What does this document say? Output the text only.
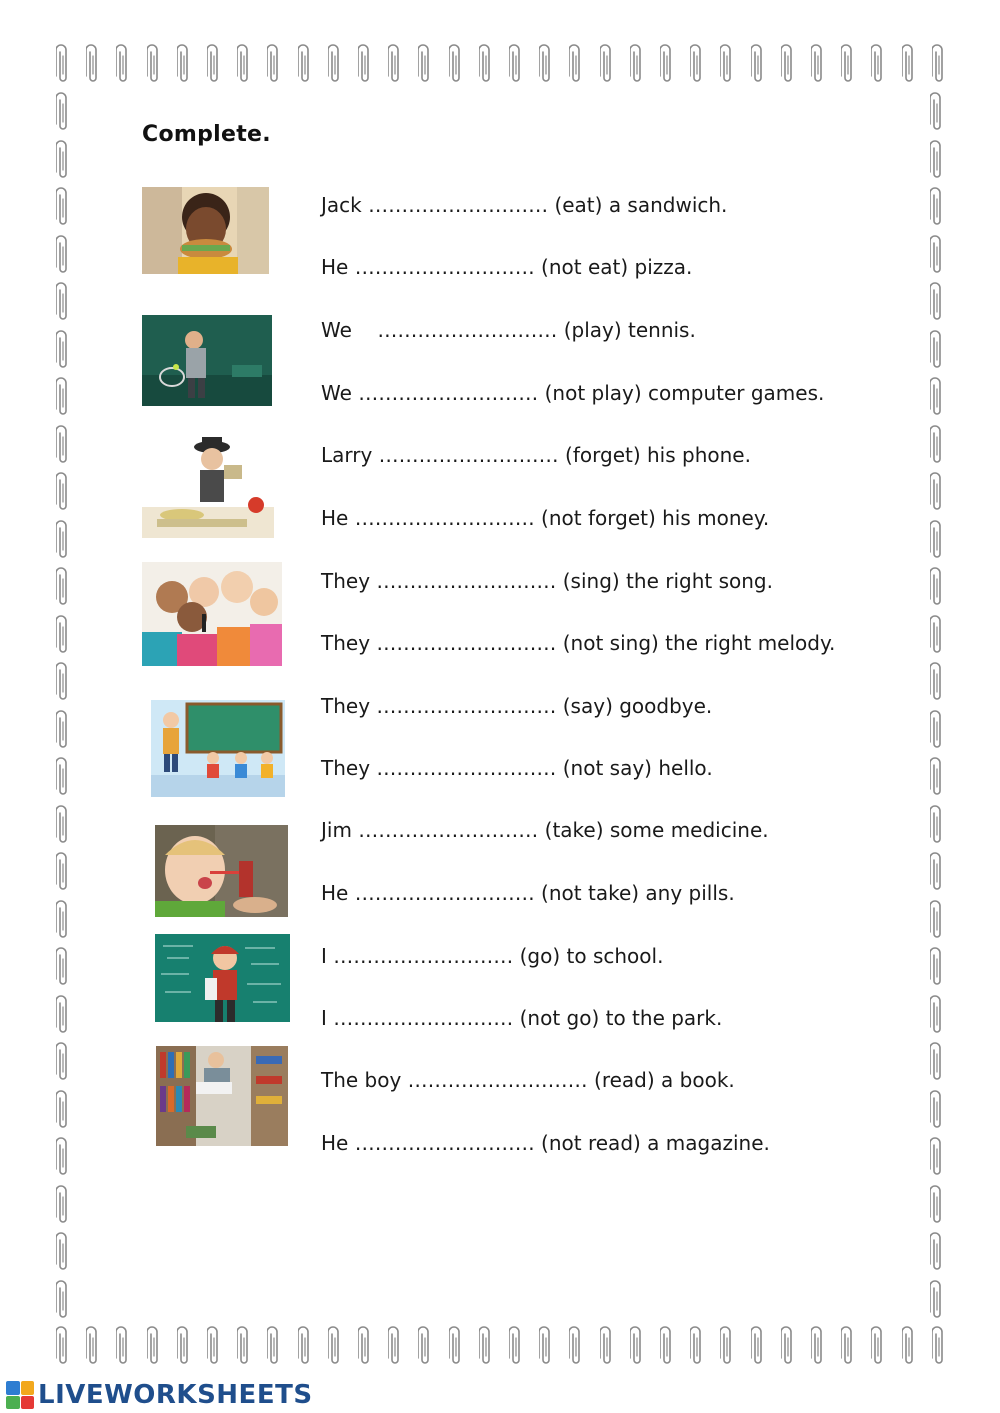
Complete.
Jack ……………………… (eat) a sandwich.
He ……………………… (not eat) pizza.
We    ……………………… (play) tennis.
We ……………………… (not play) computer games.
Larry ……………………… (forget) his phone.
He ……………………… (not forget) his money.
They ……………………… (sing) the right song.
They ……………………… (not sing) the right melody.
They ……………………… (say) goodbye.
They ……………………… (not say) hello.
Jim ……………………… (take) some medicine.
He ……………………… (not take) any pills.
I ……………………… (go) to school.
I ……………………… (not go) to the park.
The boy ……………………… (read) a book.
He ……………………… (not read) a magazine.
LIVEWORKSHEETS
